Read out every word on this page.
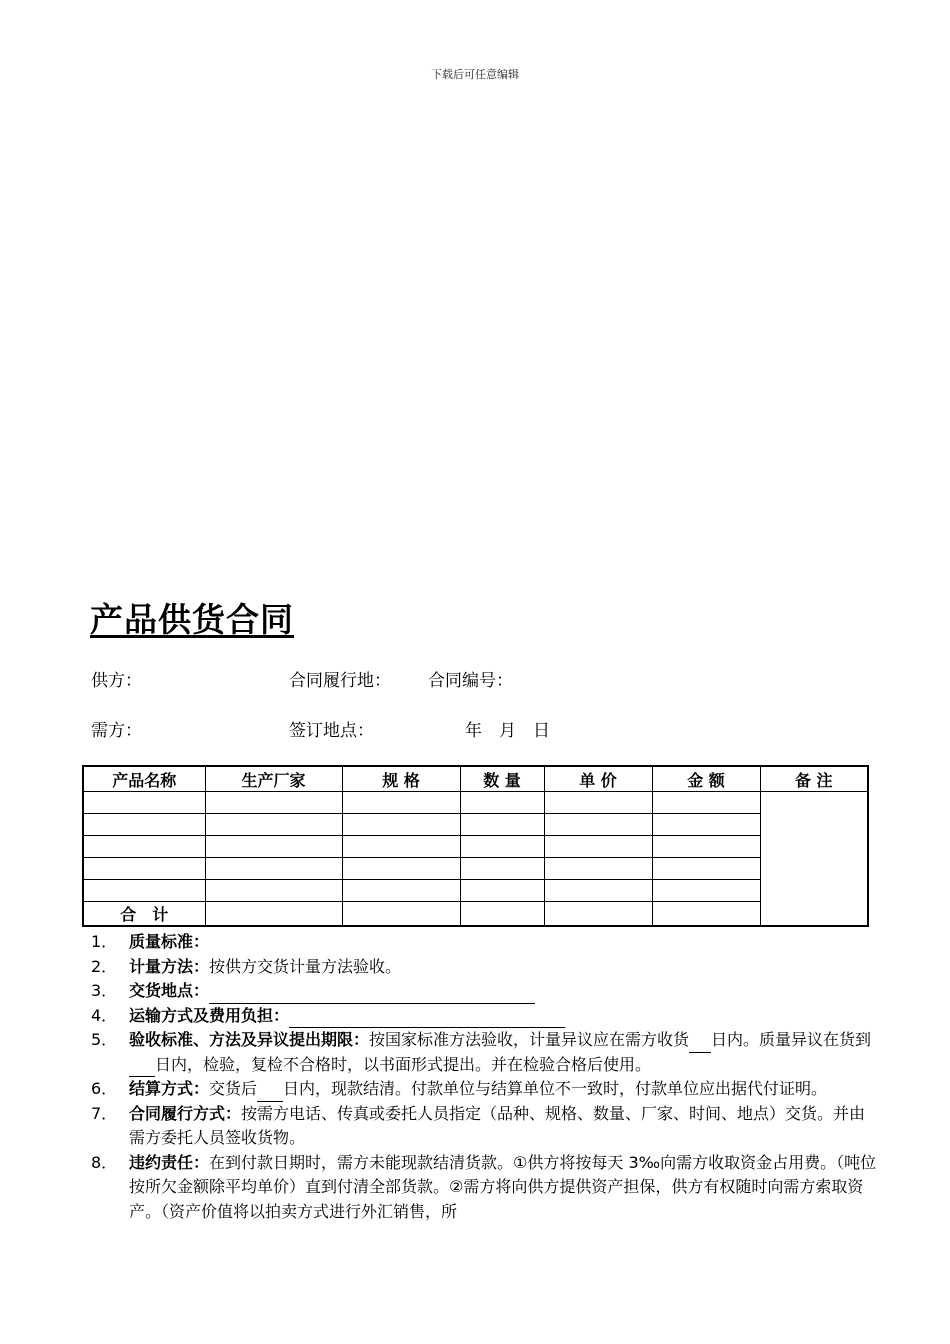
下载后可任意编辑
产品供货合同
供方：	合同履行地： 合同编号：
需方：	签订地点：	年　月　日
产品名称	生产厂家	规 格	数 量	单 价	金 额	备 注

合　计						
1． 质量标准：
2． 计量方法：按供方交货计量方法验收。
3． 交货地点：
4． 运输方式及费用负担：
5． 验收标准、方法及异议提出期限：按国家标准方法验收，计量异议应在需方收货 日内。质量异议在货到日内，检验，复检不合格时，以书面形式提出。并在检验合格后使用。
6． 结算方式：交货后 日内，现款结清。付款单位与结算单位不一致时，付款单位应出据代付证明。
7． 合同履行方式：按需方电话、传真或委托人员指定（品种、规格、数量、厂家、时间、地点）交货。并由需方委托人员签收货物。
8． 违约责任：在到付款日期时，需方未能现款结清货款。①供方将按每天 3‰向需方收取资金占用费。（吨位按所欠金额除平均单价）直到付清全部货款。②需方将向供方提供资产担保，供方有权随时向需方索取资产。（资产价值将以拍卖方式进行外汇销售，所
